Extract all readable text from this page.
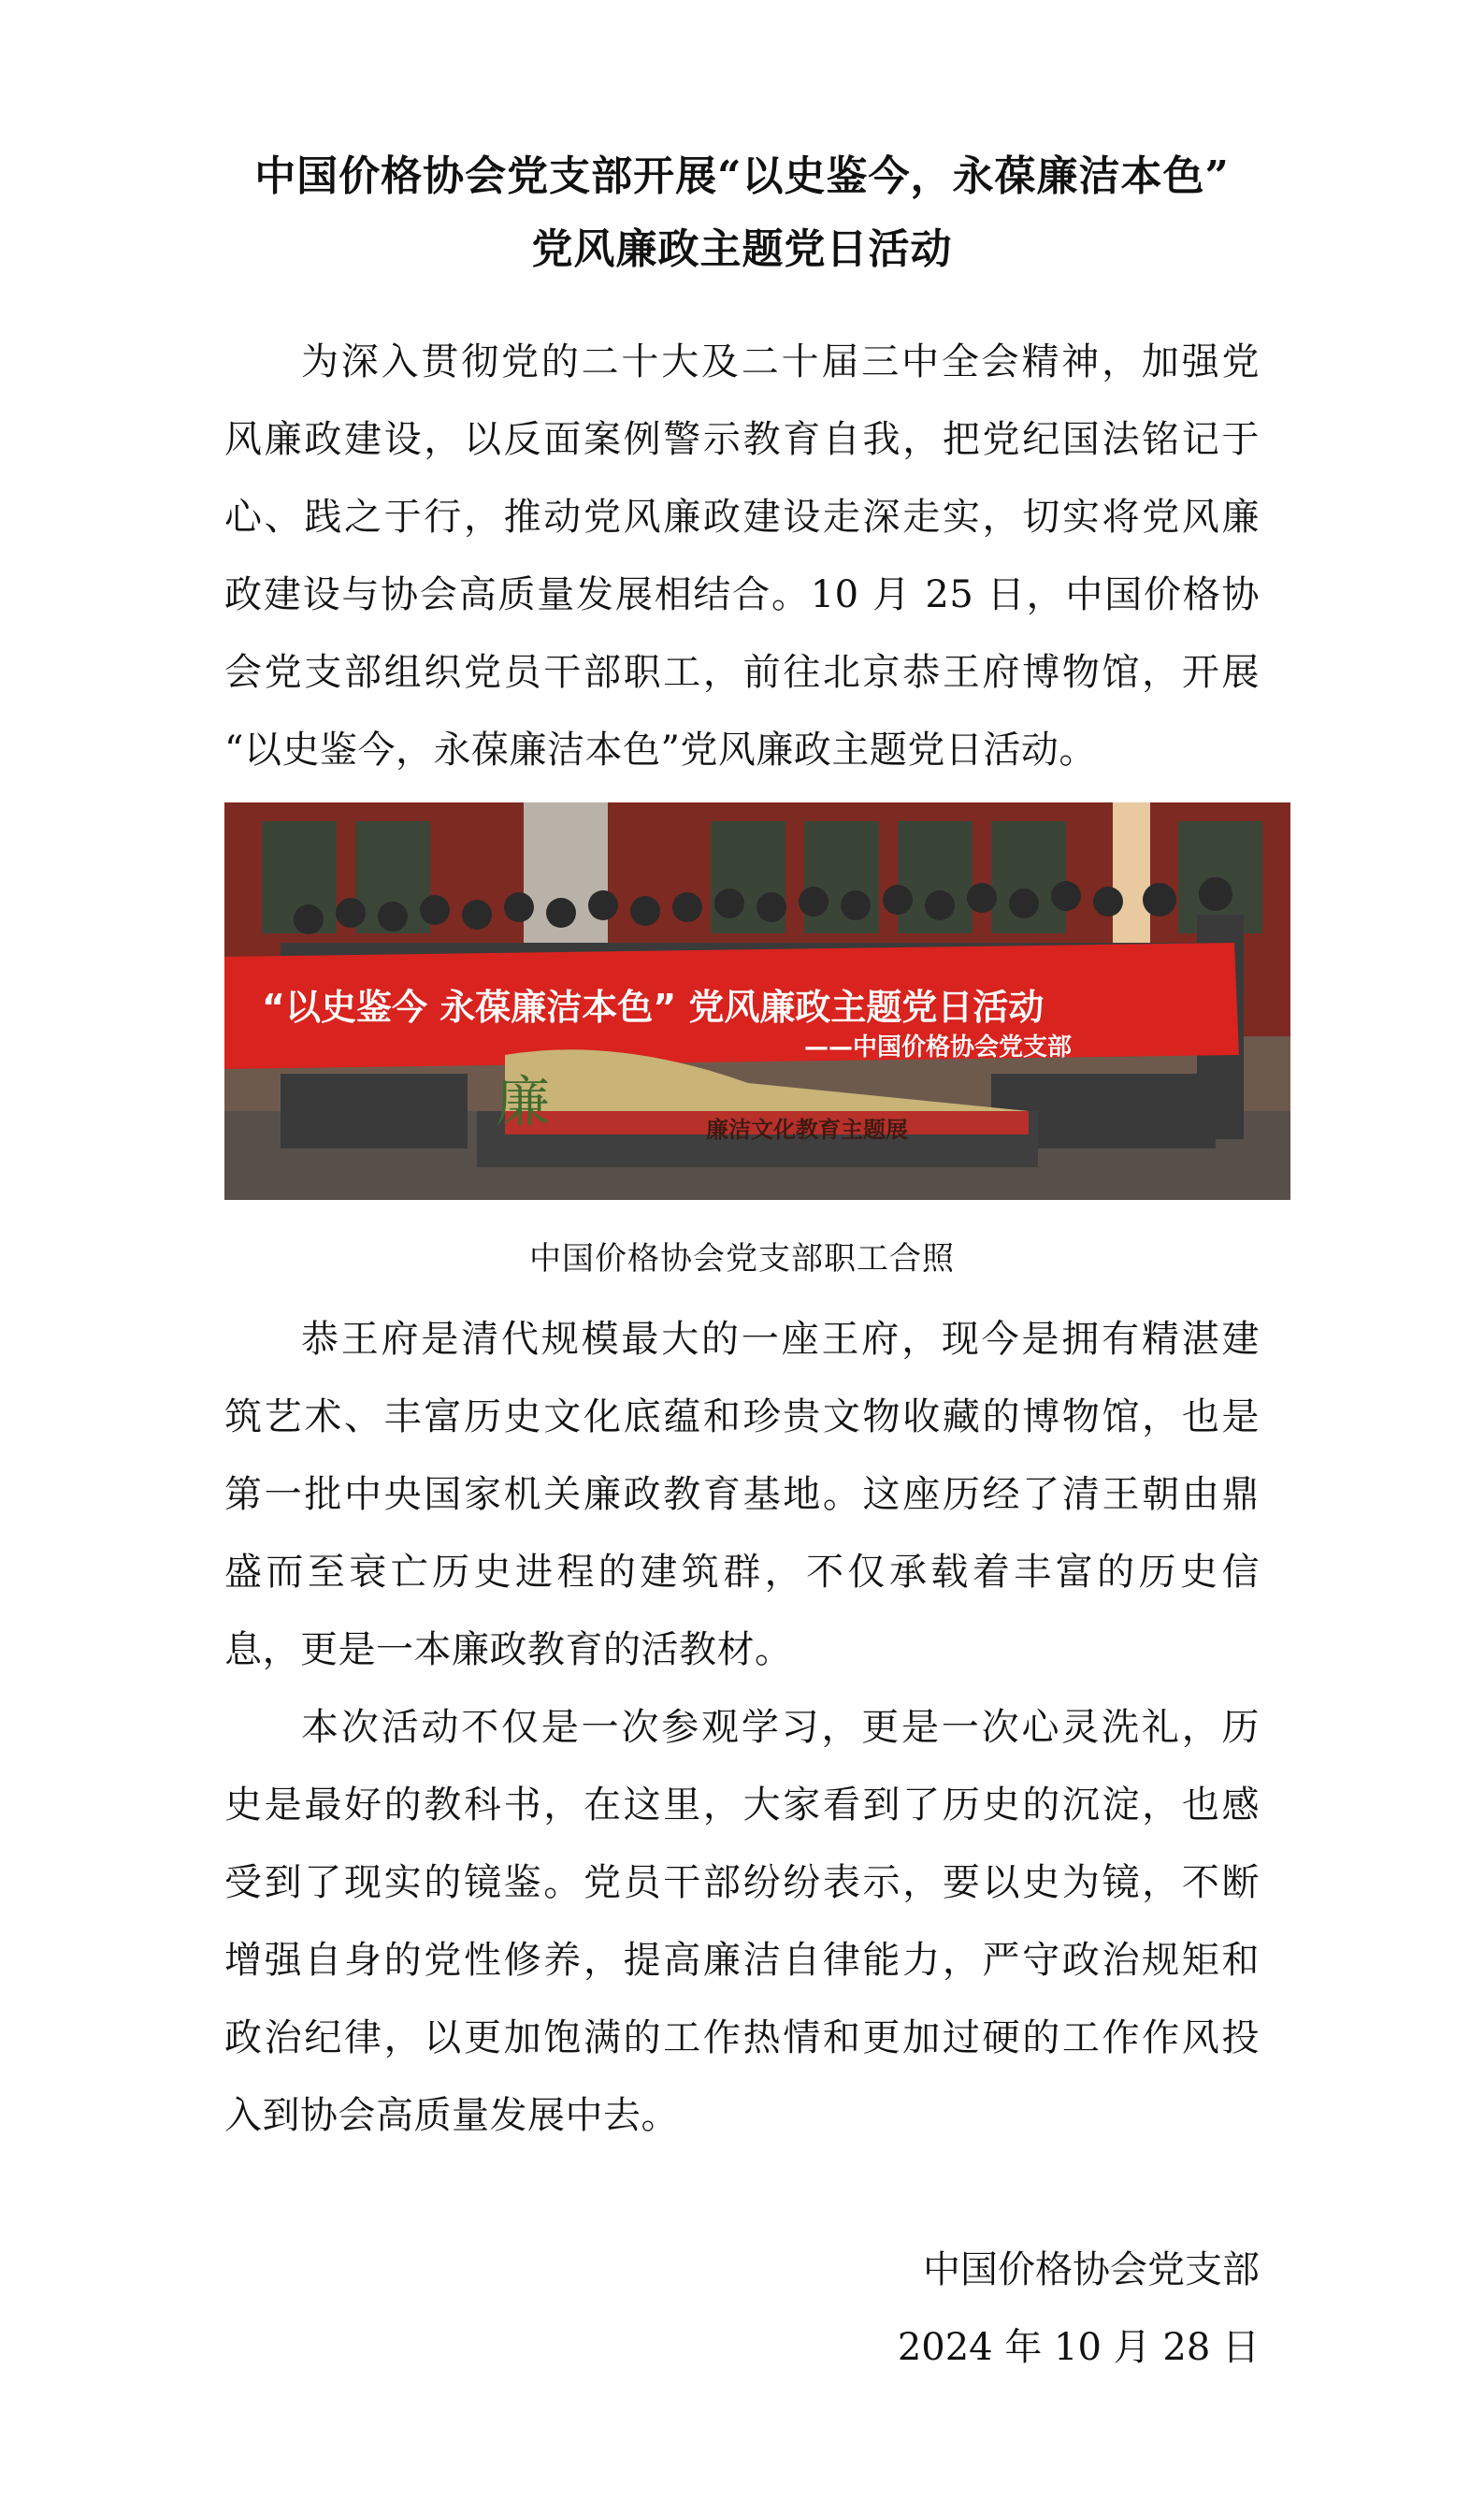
中国价格协会党支部开展“以史鉴今，永葆廉洁本色”
党风廉政主题党日活动
为深入贯彻党的二十大及二十届三中全会精神，加强党
风廉政建设，以反面案例警示教育自我，把党纪国法铭记于
心、践之于行，推动党风廉政建设走深走实，切实将党风廉
政建设与协会高质量发展相结合。10 月 25 日，中国价格协
会党支部组织党员干部职工，前往北京恭王府博物馆，开展
“以史鉴今，永葆廉洁本色”党风廉政主题党日活动。
“以史鉴今 永葆廉洁本色” 党风廉政主题党日活动
——中国价格协会党支部
廉	廉洁文化教育主题展
中国价格协会党支部职工合照
恭王府是清代规模最大的一座王府，现今是拥有精湛建
筑艺术、丰富历史文化底蕴和珍贵文物收藏的博物馆，也是
第一批中央国家机关廉政教育基地。这座历经了清王朝由鼎
盛而至衰亡历史进程的建筑群，不仅承载着丰富的历史信
息，更是一本廉政教育的活教材。
本次活动不仅是一次参观学习，更是一次心灵洗礼，历
史是最好的教科书，在这里，大家看到了历史的沉淀，也感
受到了现实的镜鉴。党员干部纷纷表示，要以史为镜，不断
增强自身的党性修养，提高廉洁自律能力，严守政治规矩和
政治纪律，以更加饱满的工作热情和更加过硬的工作作风投
入到协会高质量发展中去。
中国价格协会党支部
2024 年 10 月 28 日
